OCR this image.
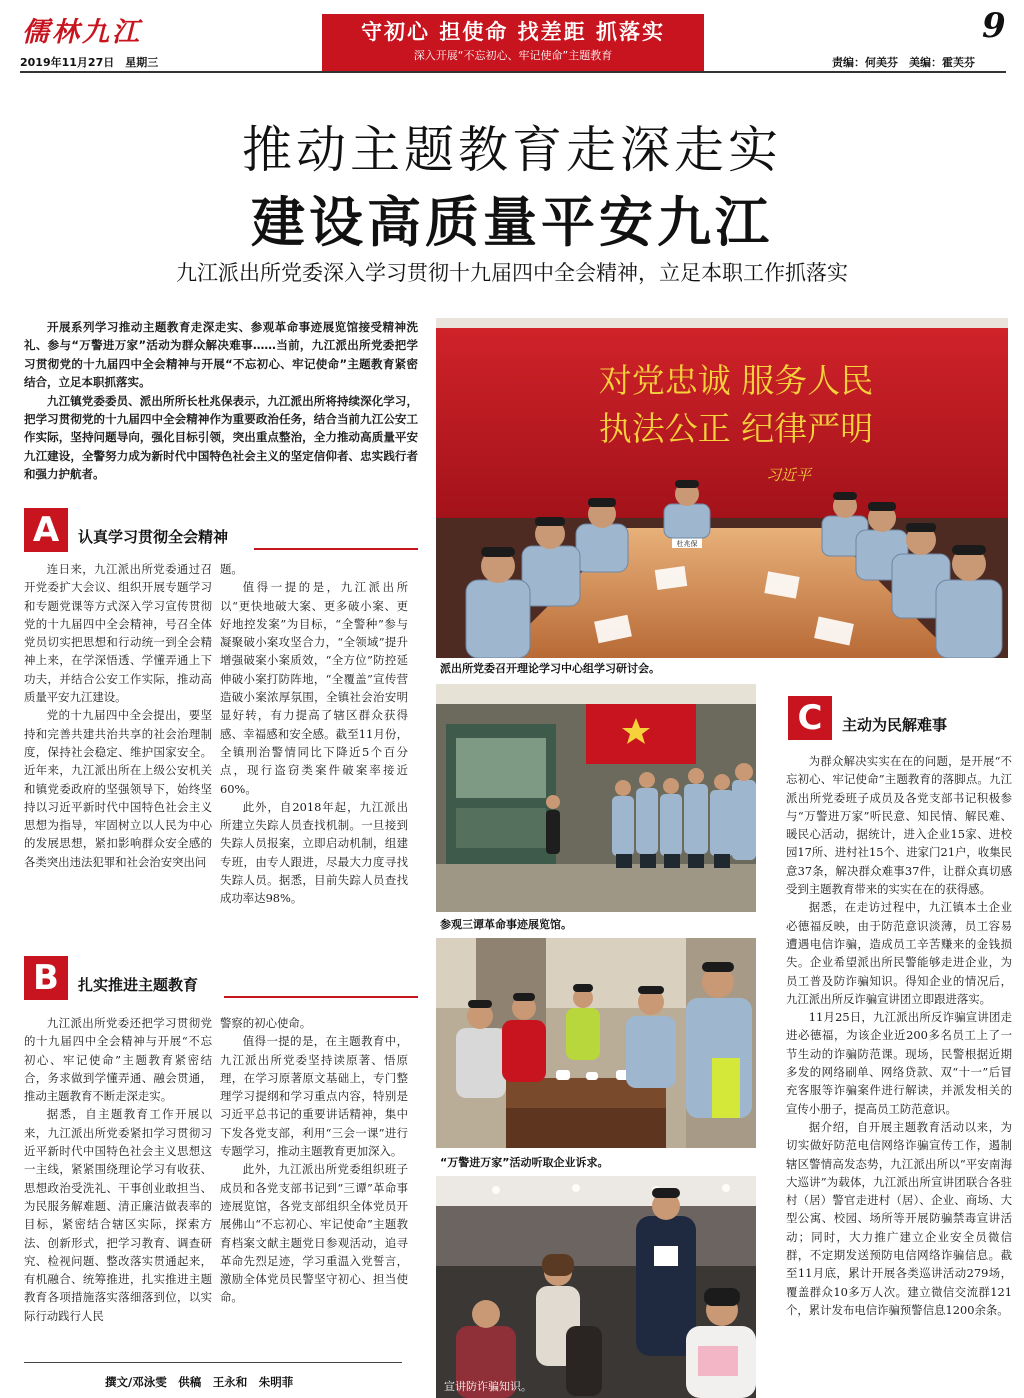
儒林九江
2019年11月27日　星期三
守初心 担使命 找差距 抓落实
深入开展“不忘初心、牢记使命”主题教育
9
责编：何美芬　美编：霍芙芬
推动主题教育走深走实
建设高质量平安九江
九江派出所党委深入学习贯彻十九届四中全会精神，立足本职工作抓落实

开展系列学习推动主题教育走深走实、参观革命事迹展览馆接受精神洗礼、参与“万警进万家”活动为群众解决难事……当前，九江派出所党委把学习贯彻党的十九届四中全会精神与开展“不忘初心、牢记使命”主题教育紧密结合，立足本职抓落实。

九江镇党委委员、派出所所长杜兆保表示，九江派出所将持续深化学习，把学习贯彻党的十九届四中全会精神作为重要政治任务，结合当前九江公安工作实际，坚持问题导向，强化目标引领，突出重点整治，全力推动高质量平安九江建设，全警努力成为新时代中国特色社会主义的坚定信仰者、忠实践行者和强力护航者。

A	认真学习贯彻全会精神

连日来，九江派出所党委通过召开党委扩大会议、组织开展专题学习和专题党课等方式深入学习宣传贯彻党的十九届四中全会精神，号召全体党员切实把思想和行动统一到全会精神上来，在学深悟透、学懂弄通上下功夫，并结合公安工作实际，推动高质量平安九江建设。

党的十九届四中全会提出，要坚持和完善共建共治共享的社会治理制度，保持社会稳定、维护国家安全。近年来，九江派出所在上级公安机关和镇党委政府的坚强领导下，始终坚持以习近平新时代中国特色社会主义思想为指导，牢固树立以人民为中心的发展思想，紧扣影响群众安全感的各类突出违法犯罪和社会治安突出问

题。

值得一提的是，九江派出所以“更快地破大案、更多破小案、更好地控发案”为目标，“全警种”参与凝聚破小案攻坚合力，“全领域”提升增强破案小案质效，“全方位”防控延伸破小案打防阵地，“全覆盖”宣传营造破小案浓厚氛围，全镇社会治安明显好转，有力提高了辖区群众获得感、幸福感和安全感。截至11月份，全镇刑治警情同比下降近5个百分点，现行盗窃类案件破案率接近60%。

此外，自2018年起，九江派出所建立失踪人员查找机制。一旦接到失踪人员报案，立即启动机制，组建专班，由专人跟进，尽最大力度寻找失踪人员。据悉，目前失踪人员查找成功率达98%。

B	扎实推进主题教育

九江派出所党委还把学习贯彻党的十九届四中全会精神与开展“不忘初心、牢记使命”主题教育紧密结合，务求做到学懂弄通、融会贯通，推动主题教育不断走深走实。

据悉，自主题教育工作开展以来，九江派出所党委紧扣学习贯彻习近平新时代中国特色社会主义思想这一主线，紧紧围绕理论学习有收获、思想政治受洗礼、干事创业敢担当、为民服务解难题、清正廉洁做表率的目标，紧密结合辖区实际，探索方法、创新形式，把学习教育、调查研究、检视问题、整改落实贯通起来，有机融合、统筹推进，扎实推进主题教育各项措施落实落细落到位，以实际行动践行人民

警察的初心使命。

值得一提的是，在主题教育中，九江派出所党委坚持读原著、悟原理，在学习原著原文基础上，专门整理学习提纲和学习重点内容，特别是习近平总书记的重要讲话精神，集中下发各党支部，利用“三会一课”进行专题学习，推动主题教育更加深入。

此外，九江派出所党委组织班子成员和各党支部书记到“三谭”革命事迹展览馆，各党支部组织全体党员开展佛山“不忘初心、牢记使命”主题教育档案文献主题党日参观活动，追寻革命先烈足迹，学习重温入党誓言，激励全体党员民警坚守初心、担当使命。

C	主动为民解难事

为群众解决实实在在的问题，是开展“不忘初心、牢记使命”主题教育的落脚点。九江派出所党委班子成员及各党支部书记积极参与“万警进万家”听民意、知民情、解民难、暖民心活动，据统计，进入企业15家、进校园17所、进村社15个、进家门21户，收集民意37条，解决群众难事37件，让群众真切感受到主题教育带来的实实在在的获得感。

据悉，在走访过程中，九江镇本土企业必德福反映，由于防范意识淡薄，员工容易遭遇电信诈骗，造成员工辛苦赚来的金钱损失。企业希望派出所民警能够走进企业，为员工普及防诈骗知识。得知企业的情况后，九江派出所反诈骗宣讲团立即跟进落实。

11月25日，九江派出所反诈骗宣讲团走进必德福，为该企业近200多名员工上了一节生动的诈骗防范课。现场，民警根据近期多发的网络刷单、网络贷款、双“十一”后冒充客服等诈骗案件进行解读，并派发相关的宣传小册子，提高员工防范意识。

据介绍，自开展主题教育活动以来，为切实做好防范电信网络诈骗宣传工作，遏制辖区警情高发态势，九江派出所以“平安南海大巡讲”为载体，九江派出所宣讲团联合各驻村（居）警官走进村（居）、企业、商场、大型公寓、校园、场所等开展防骗禁毒宣讲活动；同时，大力推广建立企业安全员微信群，不定期发送预防电信网络诈骗信息。截至11月底，累计开展各类巡讲活动279场，覆盖群众10多万人次。建立微信交流群121个，累计发布电信诈骗预警信息1200余条。

对党忠诚 服务人民
执法公正 纪律严明
习近平
杜兆保
派出所党委召开理论学习中心组学习研讨会。
参观三谭革命事迹展览馆。
“万警进万家”活动听取企业诉求。
宣讲防诈骗知识。
撰文/邓泳雯　供稿　王永和　朱明菲
